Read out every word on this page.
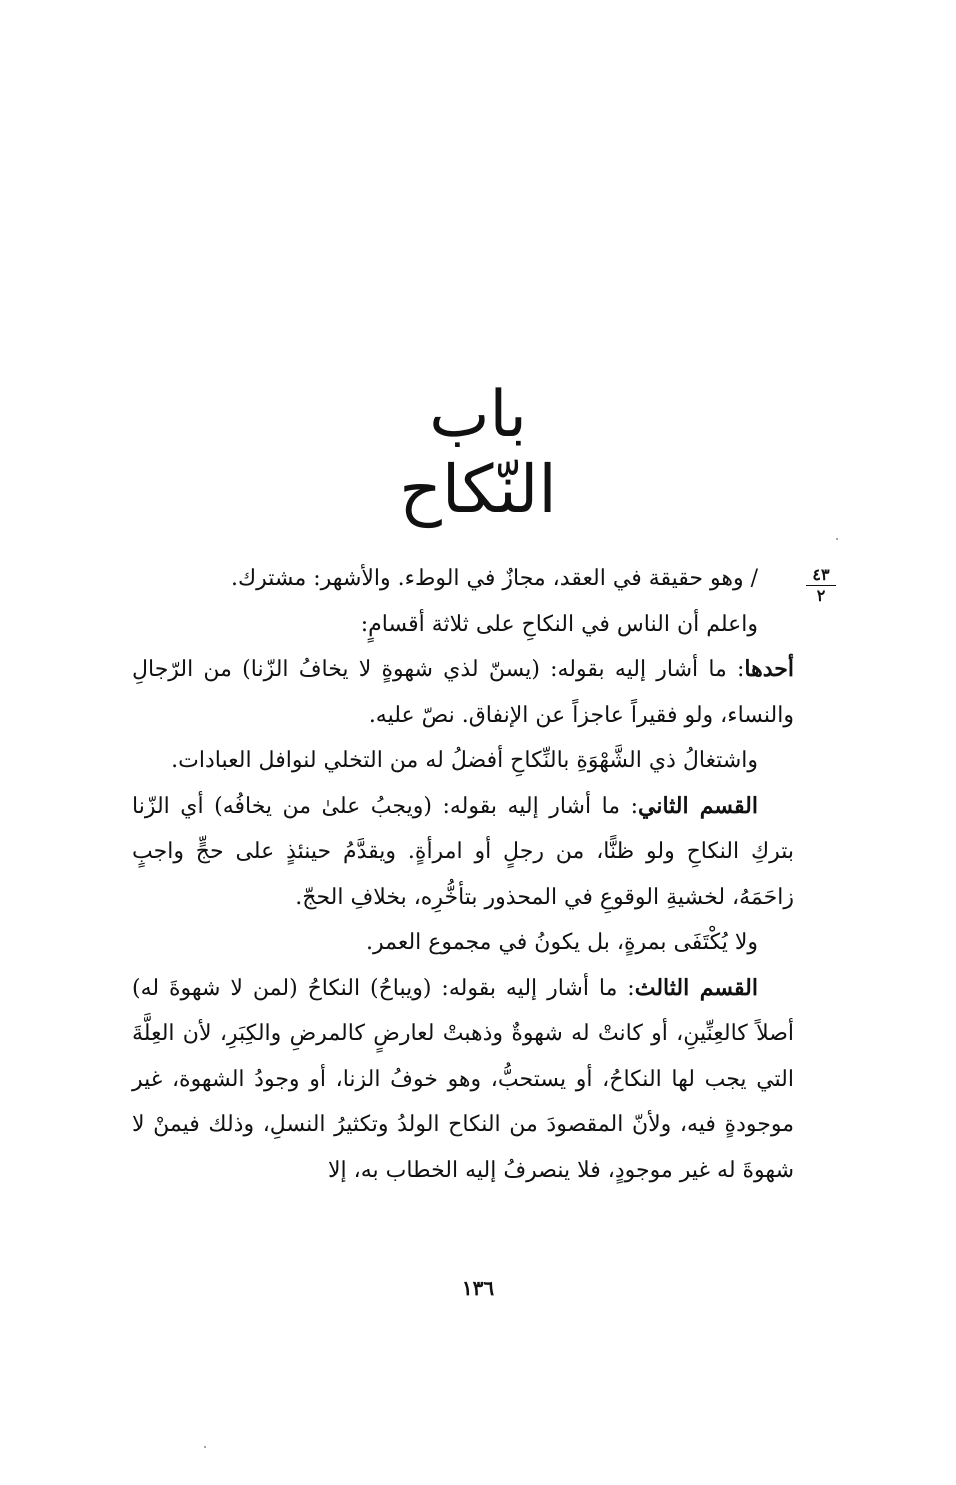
باب
النّكاح
٤٣
٢

/ وهو حقيقة في العقد، مجازٌ في الوطء. والأشهر: مشترك.

واعلم أن الناس في النكاحِ على ثلاثة أقسامٍ:

أحدها: ما أشار إليه بقوله: (يسنّ لذي شهوةٍ لا يخافُ الزّنا) من الرّجالِ والنساء، ولو فقيراً عاجزاً عن الإنفاق. نصّ عليه.

واشتغالُ ذي الشَّهْوَةِ بالنِّكاحِ أفضلُ له من التخلي لنوافل العبادات.

القسم الثاني: ما أشار إليه بقوله: (ويجبُ علىٰ من يخافُه) أي الزّنا بتركِ النكاحِ ولو ظنًّا، من رجلٍ أو امرأةٍ. ويقدَّمُ حينئذٍ على حجٍّ واجبٍ زاحَمَهُ، لخشيةِ الوقوعِ في المحذور بتأخُّرِه، بخلافِ الحجّ.

ولا يُكْتَفَى بمرةٍ، بل يكونُ في مجموع العمر.

القسم الثالث: ما أشار إليه بقوله: (ويباحُ) النكاحُ (لمن لا شهوةَ له) أصلاً كالعِنِّينِ، أو كانتْ له شهوةٌ وذهبتْ لعارضٍ كالمرضِ والكِبَرِ، لأن العِلَّةَ التي يجب لها النكاحُ، أو يستحبُّ، وهو خوفُ الزنا، أو وجودُ الشهوة، غير موجودةٍ فيه، ولأنّ المقصودَ من النكاح الولدُ وتكثيرُ النسلِ، وذلك فيمنْ لا شهوةَ له غير موجودٍ، فلا ينصرفُ إليه الخطاب به، إلا

١٣٦
